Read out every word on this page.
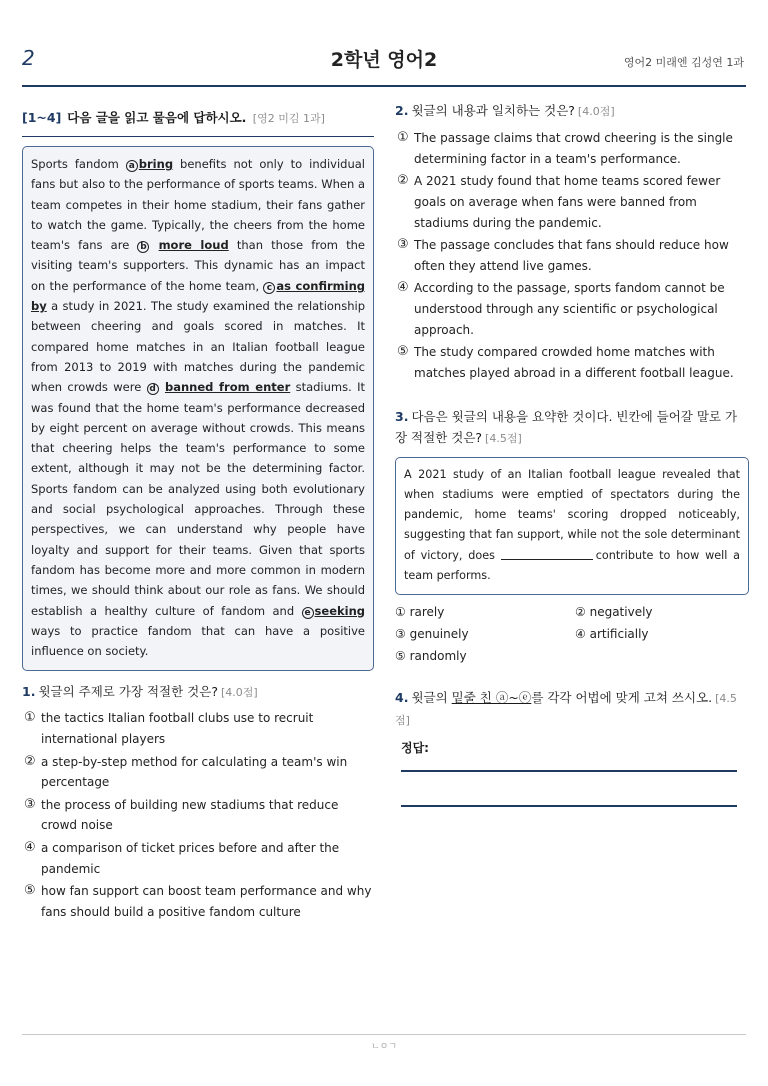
2	2학년 영어2	영어2 미래엔 김성연 1과
[1~4] 다음 글을 읽고 물음에 답하시오. [영2 미김 1과]
Sports fandom a bring benefits not only to individual fans but also to the performance of sports teams. When a team competes in their home stadium, their fans gather to watch the game. Typically, the cheers from the home team's fans are b more loud than those from the visiting team's supporters. This dynamic has an impact on the performance of the home team, c as confirming by a study in 2021. The study examined the relationship between cheering and goals scored in matches. It compared home matches in an Italian football league from 2013 to 2019 with matches during the pandemic when crowds were d banned from enter stadiums. It was found that the home team's performance decreased by eight percent on average without crowds. This means that cheering helps the team's performance to some extent, although it may not be the determining factor. Sports fandom can be analyzed using both evolutionary and social psychological approaches. Through these perspectives, we can understand why people have loyalty and support for their teams. Given that sports fandom has become more and more common in modern times, we should think about our role as fans. We should establish a healthy culture of fandom and e seeking ways to practice fandom that can have a positive influence on society.
1. 윗글의 주제로 가장 적절한 것은? [4.0점]
① the tactics Italian football clubs use to recruit international players
② a step-by-step method for calculating a team's win percentage
③ the process of building new stadiums that reduce crowd noise
④ a comparison of ticket prices before and after the pandemic
⑤ how fan support can boost team performance and why fans should build a positive fandom culture
2. 윗글의 내용과 일치하는 것은? [4.0점]
① The passage claims that crowd cheering is the single determining factor in a team's performance.
② A 2021 study found that home teams scored fewer goals on average when fans were banned from stadiums during the pandemic.
③ The passage concludes that fans should reduce how often they attend live games.
④ According to the passage, sports fandom cannot be understood through any scientific or psychological approach.
⑤ The study compared crowded home matches with matches played abroad in a different football league.
3. 다음은 윗글의 내용을 요약한 것이다. 빈칸에 들어갈 말로 가장 적절한 것은? [4.5점]
A 2021 study of an Italian football league revealed that when stadiums were emptied of spectators during the pandemic, home teams' scoring dropped noticeably, suggesting that fan support, while not the sole determinant of victory, does	contribute to how well a team performs.
① rarely	② negatively
③ genuinely	④ artificially
⑤ randomly
4. 윗글의 밑줄 친 ⓐ~ⓔ를 각각 어법에 맞게 고쳐 쓰시오. [4.5점]
정답:
ㄴㅇㄱ
